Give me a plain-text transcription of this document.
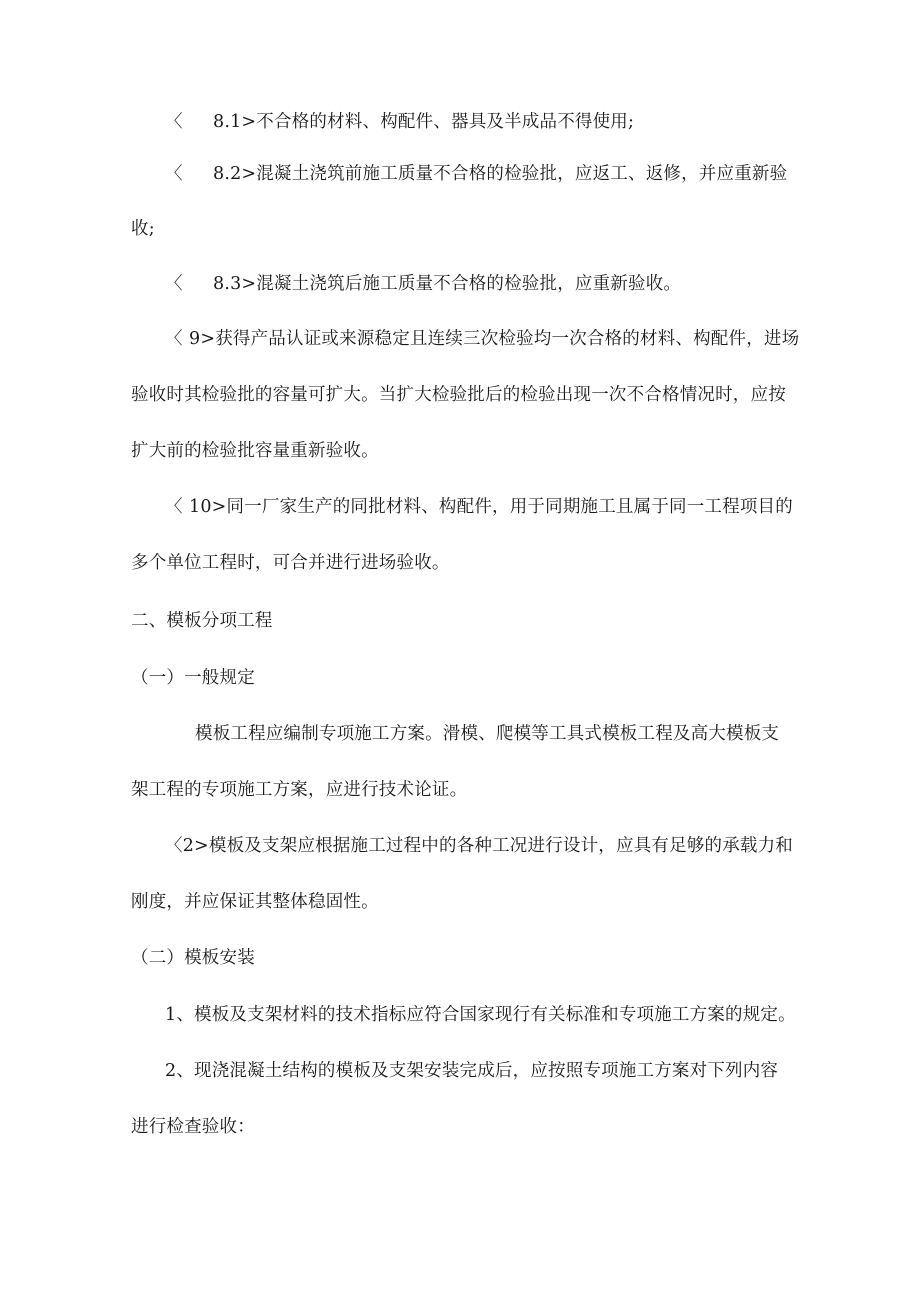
〈 8.1>不合格的材料、构配件、器具及半成品不得使用;
〈 8.2>混凝土浇筑前施工质量不合格的检验批，应返工、返修，并应重新验
收;
〈 8.3>混凝土浇筑后施工质量不合格的检验批，应重新验收。
〈 9>获得产品认证或来源稳定且连续三次检验均一次合格的材料、构配件，进场
验收时其检验批的容量可扩大。当扩大检验批后的检验出现一次不合格情况时，应按
扩大前的检验批容量重新验收。
〈 10>同一厂家生产的同批材料、构配件，用于同期施工且属于同一工程项目的
多个单位工程时，可合并进行进场验收。
二、模板分项工程
（一）一般规定
模板工程应编制专项施工方案。滑模、爬模等工具式模板工程及高大模板支
架工程的专项施工方案，应进行技术论证。
〈2>模板及支架应根据施工过程中的各种工况进行设计，应具有足够的承载力和
刚度，并应保证其整体稳固性。
（二）模板安装
1、模板及支架材料的技术指标应符合国家现行有关标准和专项施工方案的规定。
2、现浇混凝土结构的模板及支架安装完成后，应按照专项施工方案对下列内容
进行检查验收：
